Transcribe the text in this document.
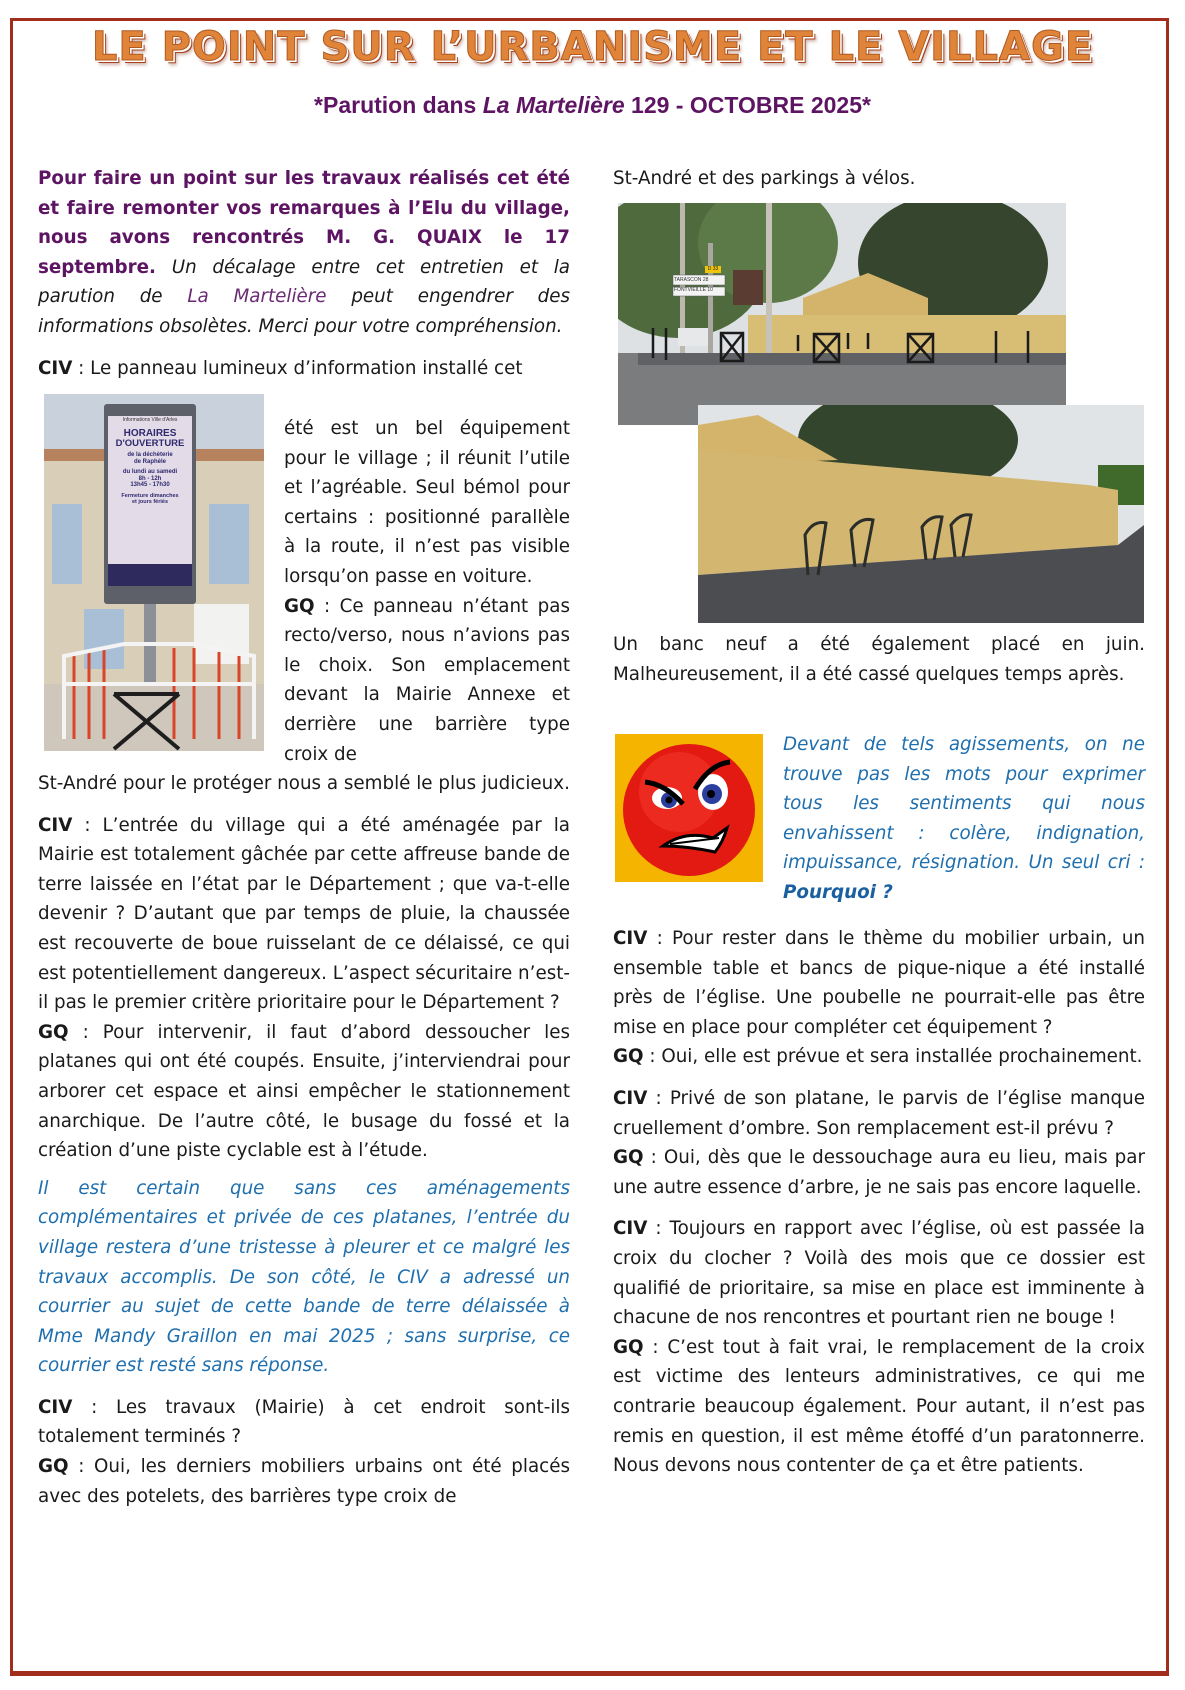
LE POINT SUR L’URBANISME ET LE VILLAGE
*Parution dans La Martelière 129 - OCTOBRE 2025*

Pour faire un point sur les travaux réalisés cet été et faire remonter vos remarques à l’Elu du village, nous avons rencontrés M. G. QUAIX le 17 septembre. Un décalage entre cet entretien et la parution de La Martelière peut engendrer des informations obsolètes. Merci pour votre compréhension.

CIV : Le panneau lumineux d’information installé cet

Informations Ville d'Arles
HORAIRES
D'OUVERTURE
de la déchèterie
de Raphèle
du lundi au samedi
8h - 12h
13h45 - 17h30
Fermeture dimanches
et jours fériés

été est un bel équipement pour le village ; il réunit l’utile et l’agréable. Seul bémol pour certains : positionné parallèle à la route, il n’est pas visible lorsqu’on passe en voiture.
GQ : Ce panneau n’étant pas recto/verso, nous n’avions pas le choix. Son emplacement devant la Mairie Annexe et derrière une barrière type croix de

St-André pour le protéger nous a semblé le plus judicieux.

CIV : L’entrée du village qui a été aménagée par la Mairie est totalement gâchée par cette affreuse bande de terre laissée en l’état par le Département ; que va-t-elle devenir ? D’autant que par temps de pluie, la chaussée est recouverte de boue ruisselant de ce délaissé, ce qui est potentiellement dangereux. L’aspect sécuritaire n’est-il pas le premier critère prioritaire pour le Département ?

GQ : Pour intervenir, il faut d’abord dessoucher les platanes qui ont été coupés. Ensuite, j’interviendrai pour arborer cet espace et ainsi empêcher le stationnement anarchique. De l’autre côté, le busage du fossé et la création d’une piste cyclable est à l’étude.

Il est certain que sans ces aménagements complémentaires et privée de ces platanes, l’entrée du village restera d’une tristesse à pleurer et ce malgré les travaux accomplis. De son côté, le CIV a adressé un courrier au sujet de cette bande de terre délaissée à Mme Mandy Graillon en mai 2025 ; sans surprise, ce courrier est resté sans réponse.

CIV : Les travaux (Mairie) à cet endroit sont-ils totalement terminés ?

GQ : Oui, les derniers mobiliers urbains ont été placés avec des potelets, des barrières type croix de

St-André et des parkings à vélos.

TARASCON 28
FONTVIEILLE 10
D 33

Un banc neuf a été également placé en juin. Malheureusement, il a été cassé quelques temps après.

Devant de tels agissements, on ne trouve pas les mots pour exprimer tous les sentiments qui nous envahissent : colère, indignation, impuissance, résignation. Un seul cri : Pourquoi ?

CIV : Pour rester dans le thème du mobilier urbain, un ensemble table et bancs de pique-nique a été installé près de l’église. Une poubelle ne pourrait-elle pas être mise en place pour compléter cet équipement ?

GQ : Oui, elle est prévue et sera installée prochainement.

CIV : Privé de son platane, le parvis de l’église manque cruellement d’ombre. Son remplacement est-il prévu ?

GQ : Oui, dès que le dessouchage aura eu lieu, mais par une autre essence d’arbre, je ne sais pas encore laquelle.

CIV : Toujours en rapport avec l’église, où est passée la croix du clocher ? Voilà des mois que ce dossier est qualifié de prioritaire, sa mise en place est imminente à chacune de nos rencontres et pourtant rien ne bouge !

GQ : C’est tout à fait vrai, le remplacement de la croix est victime des lenteurs administratives, ce qui me contrarie beaucoup également. Pour autant, il n’est pas remis en question, il est même étoffé d’un paratonnerre. Nous devons nous contenter de ça et être patients.
